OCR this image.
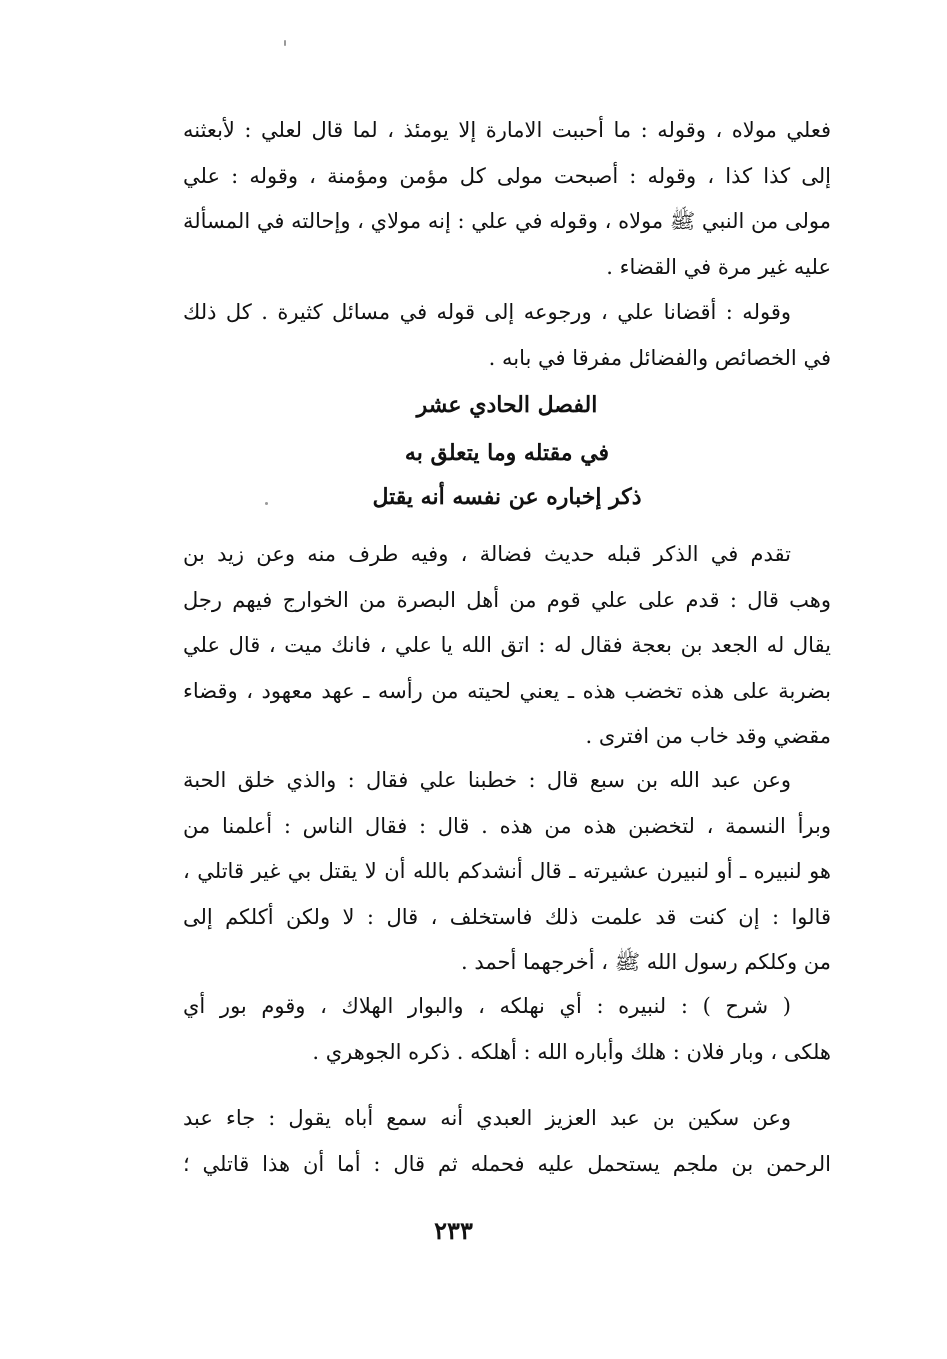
فعلي مولاه ، وقوله : ما أحببت الامارة إلا يومئذ ، لما قال لعلي : لأبعثنه
إلى كذا كذا ، وقوله : أصبحت مولى كل مؤمن ومؤمنة ، وقوله : علي
مولى من النبي ﷺ مولاه ، وقوله في علي : إنه مولاي ، وإحالته في المسألة
عليه غير مرة في القضاء .
وقوله : أقضانا علي ، ورجوعه إلى قوله في مسائل كثيرة . كل ذلك
في الخصائص والفضائل مفرقا في بابه .
الفصل الحادي عشر
في مقتله وما يتعلق به
ذكر إخباره عن نفسه أنه يقتل
تقدم في الذكر قبله حديث فضالة ، وفيه طرف منه وعن زيد بن
وهب قال : قدم على علي قوم من أهل البصرة من الخوارج فيهم رجل
يقال له الجعد بن بعجة فقال له : اتق الله يا علي ، فانك ميت ، قال علي
بضربة على هذه تخضب هذه ـ يعني لحيته من رأسه ـ عهد معهود ، وقضاء
مقضي وقد خاب من افترى .
وعن عبد الله بن سبع قال : خطبنا علي فقال : والذي خلق الحبة
وبرأ النسمة ، لتخضبن هذه من هذه . قال : فقال الناس : أعلمنا من
هو لنبيره ـ أو لنبيرن عشيرته ـ قال أنشدكم بالله أن لا يقتل بي غير قاتلي ،
قالوا : إن كنت قد علمت ذلك فاستخلف ، قال : لا ولكن أكلكم إلى
من وكلكم رسول الله ﷺ ، أخرجهما أحمد .
( شرح ) : لنبيره : أي نهلكه ، والبوار الهلاك ، وقوم بور أي
هلكى ، وبار فلان : هلك وأباره الله : أهلكه . ذكره الجوهري .
وعن سكين بن عبد العزيز العبدي أنه سمع أباه يقول : جاء عبد
الرحمن بن ملجم يستحمل عليه فحمله ثم قال : أما أن هذا قاتلي ؛
٢٣٣
